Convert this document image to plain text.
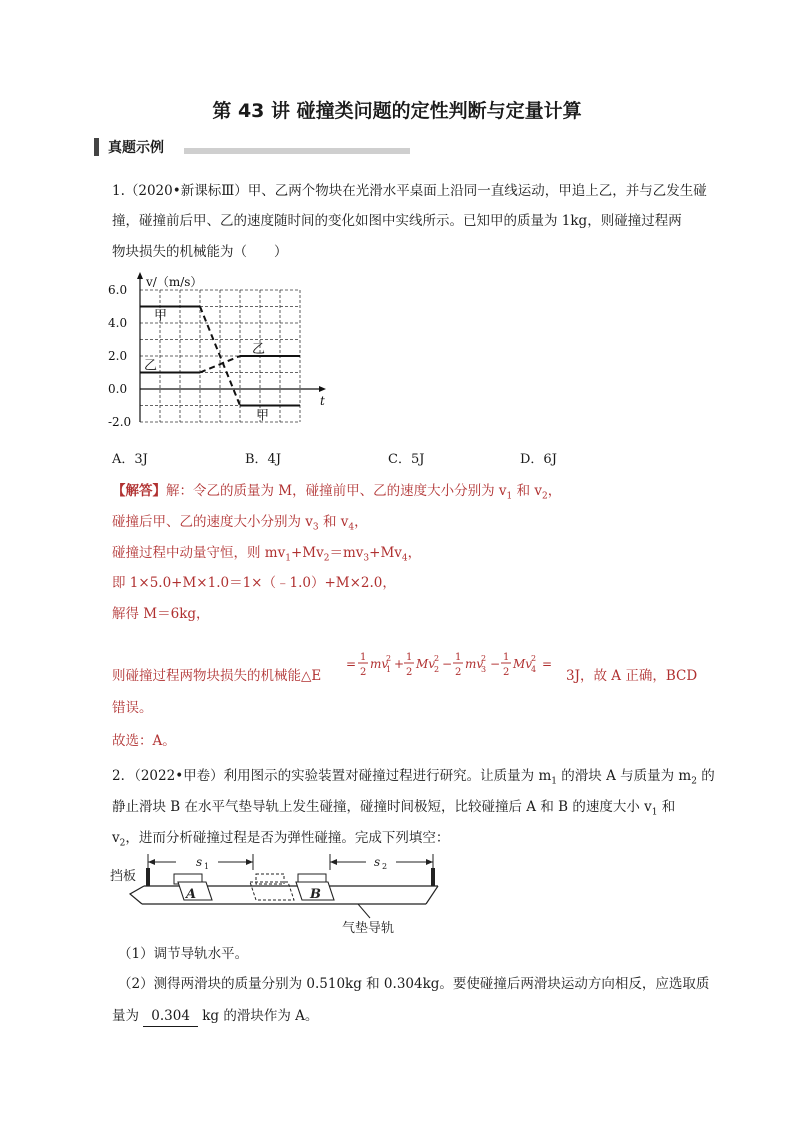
第 43 讲 碰撞类问题的定性判断与定量计算
真题示例
1.（2020•新课标Ⅲ）甲、乙两个物块在光滑水平桌面上沿同一直线运动，甲追上乙，并与乙发生碰
撞，碰撞前后甲、乙的速度随时间的变化如图中实线所示。已知甲的质量为 1kg，则碰撞过程两
物块损失的机械能为（　　）
6.0
4.0
2.0
0.0
-2.0
v/（m/s）
t
甲
乙
乙
甲
A．3J	B．4J	C．5J	D．6J
【解答】解：令乙的质量为 M，碰撞前甲、乙的速度大小分别为 $v_1$ 和 $v_2$，
碰撞后甲、乙的速度大小分别为 $v_3$ 和 $v_4$，
碰撞过程中动量守恒，则 $mv_1+Mv_2=mv_3+Mv_4$，
即 1×5.0+M×1.0＝1×（﹣1.0）+M×2.0，
解得 M＝6kg，
则碰撞过程两物块损失的机械能△E
= 1
2
mv
2
1 + 1
2
Mv
2
2 − 1
2
mv
2
3 − 1
2
Mv
2
4 =
3J，故 A 正确，BCD
错误。
故选：A。
2．（2022•甲卷）利用图示的实验装置对碰撞过程进行研究。让质量为 $m_1$ 的滑块 A 与质量为 $m_2$ 的
静止滑块 B 在水平气垫导轨上发生碰撞，碰撞时间极短，比较碰撞后 A 和 B 的速度大小 $v_1$ 和
$v_2$，进而分析碰撞过程是否为弹性碰撞。完成下列填空：
s 1	s 2
挡板
A	B
气垫导轨
（1）调节导轨水平。
（2）测得两滑块的质量分别为 0.510kg 和 0.304kg。要使碰撞后两滑块运动方向相反，应选取质
量为 0.304 kg 的滑块作为 A。
